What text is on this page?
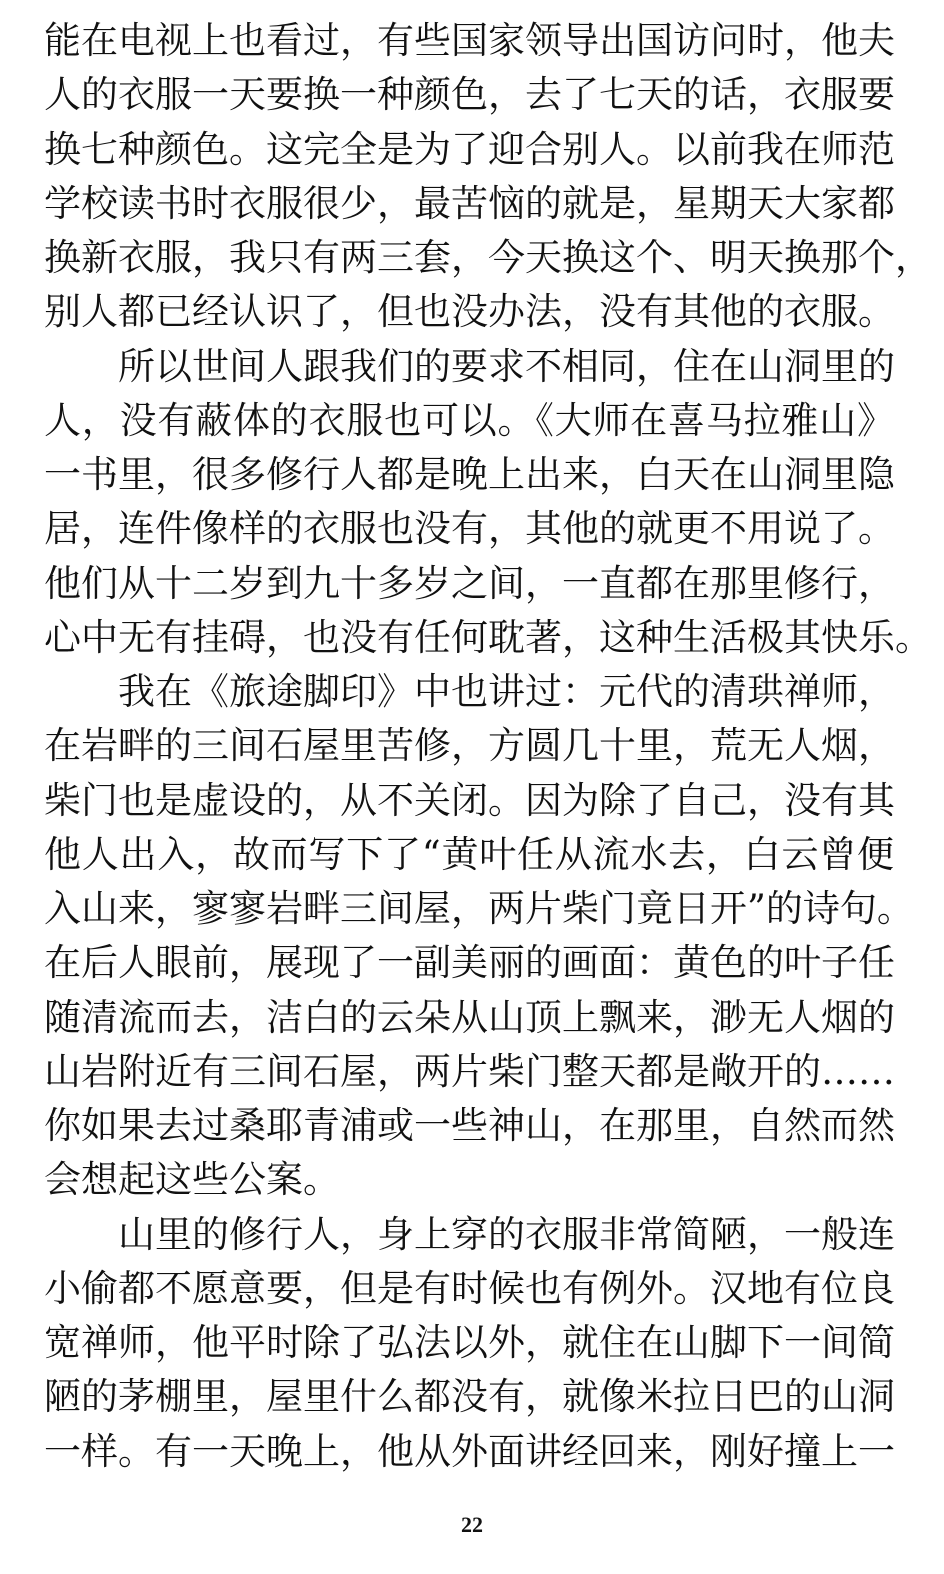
能在电视上也看过，有些国家领导出国访问时，他夫
人的衣服一天要换一种颜色，去了七天的话，衣服要
换七种颜色。这完全是为了迎合别人。以前我在师范
学校读书时衣服很少，最苦恼的就是，星期天大家都
换新衣服，我只有两三套，今天换这个、明天换那个，
别人都已经认识了，但也没办法，没有其他的衣服。
所以世间人跟我们的要求不相同，住在山洞里的
人，没有蔽体的衣服也可以。《大师在喜马拉雅山》
一书里，很多修行人都是晚上出来，白天在山洞里隐
居，连件像样的衣服也没有，其他的就更不用说了。
他们从十二岁到九十多岁之间，一直都在那里修行，
心中无有挂碍，也没有任何耽著，这种生活极其快乐。
我在《旅途脚印》中也讲过：元代的清珙禅师，
在岩畔的三间石屋里苦修，方圆几十里，荒无人烟，
柴门也是虚设的，从不关闭。因为除了自己，没有其
他人出入，故而写下了“黄叶任从流水去，白云曾便
入山来，寥寥岩畔三间屋，两片柴门竟日开”的诗句。
在后人眼前，展现了一副美丽的画面：黄色的叶子任
随清流而去，洁白的云朵从山顶上飘来，渺无人烟的
山岩附近有三间石屋，两片柴门整天都是敞开的……
你如果去过桑耶青浦或一些神山，在那里，自然而然
会想起这些公案。
山里的修行人，身上穿的衣服非常简陋，一般连
小偷都不愿意要，但是有时候也有例外。汉地有位良
宽禅师，他平时除了弘法以外，就住在山脚下一间简
陋的茅棚里，屋里什么都没有，就像米拉日巴的山洞
一样。有一天晚上，他从外面讲经回来，刚好撞上一
22
